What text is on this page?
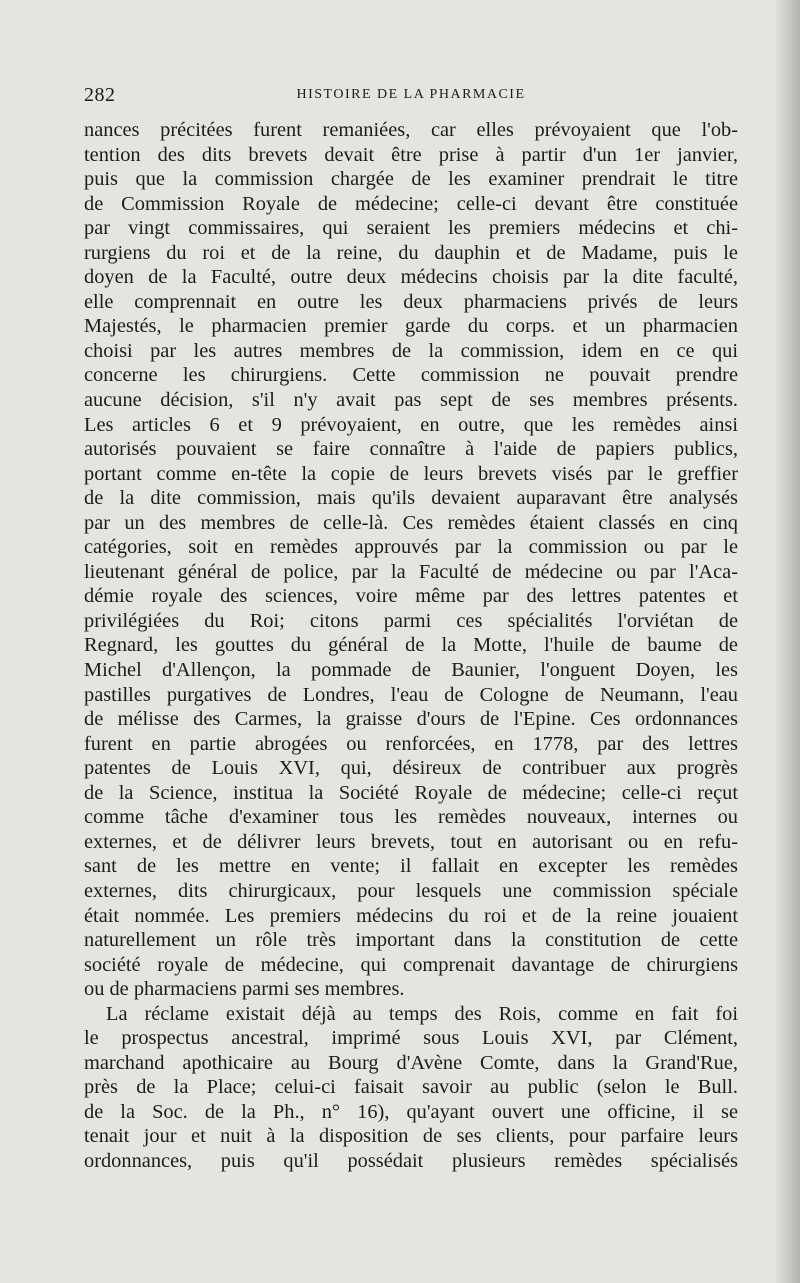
282	HISTOIRE DE LA PHARMACIE
nances précitées furent remaniées, car elles prévoyaient que l'ob-
tention des dits brevets devait être prise à partir d'un 1er janvier,
puis que la commission chargée de les examiner prendrait le titre
de Commission Royale de médecine; celle-ci devant être constituée
par vingt commissaires, qui seraient les premiers médecins et chi-
rurgiens du roi et de la reine, du dauphin et de Madame, puis le
doyen de la Faculté, outre deux médecins choisis par la dite faculté,
elle comprennait en outre les deux pharmaciens privés de leurs
Majestés, le pharmacien premier garde du corps. et un pharmacien
choisi par les autres membres de la commission, idem en ce qui
concerne les chirurgiens. Cette commission ne pouvait prendre
aucune décision, s'il n'y avait pas sept de ses membres présents.
Les articles 6 et 9 prévoyaient, en outre, que les remèdes ainsi
autorisés pouvaient se faire connaître à l'aide de papiers publics,
portant comme en-tête la copie de leurs brevets visés par le greffier
de la dite commission, mais qu'ils devaient auparavant être analysés
par un des membres de celle-là. Ces remèdes étaient classés en cinq
catégories, soit en remèdes approuvés par la commission ou par le
lieutenant général de police, par la Faculté de médecine ou par l'Aca-
démie royale des sciences, voire même par des lettres patentes et
privilégiées du Roi; citons parmi ces spécialités l'orviétan de
Regnard, les gouttes du général de la Motte, l'huile de baume de
Michel d'Allençon, la pommade de Baunier, l'onguent Doyen, les
pastilles purgatives de Londres, l'eau de Cologne de Neumann, l'eau
de mélisse des Carmes, la graisse d'ours de l'Epine. Ces ordonnances
furent en partie abrogées ou renforcées, en 1778, par des lettres
patentes de Louis XVI, qui, désireux de contribuer aux progrès
de la Science, institua la Société Royale de médecine; celle-ci reçut
comme tâche d'examiner tous les remèdes nouveaux, internes ou
externes, et de délivrer leurs brevets, tout en autorisant ou en refu-
sant de les mettre en vente; il fallait en excepter les remèdes
externes, dits chirurgicaux, pour lesquels une commission spéciale
était nommée. Les premiers médecins du roi et de la reine jouaient
naturellement un rôle très important dans la constitution de cette
société royale de médecine, qui comprenait davantage de chirurgiens
ou de pharmaciens parmi ses membres.
La réclame existait déjà au temps des Rois, comme en fait foi
le prospectus ancestral, imprimé sous Louis XVI, par Clément,
marchand apothicaire au Bourg d'Avène Comte, dans la Grand'Rue,
près de la Place; celui-ci faisait savoir au public (selon le Bull.
de la Soc. de la Ph., n° 16), qu'ayant ouvert une officine, il se
tenait jour et nuit à la disposition de ses clients, pour parfaire leurs
ordonnances, puis qu'il possédait plusieurs remèdes spécialisés
